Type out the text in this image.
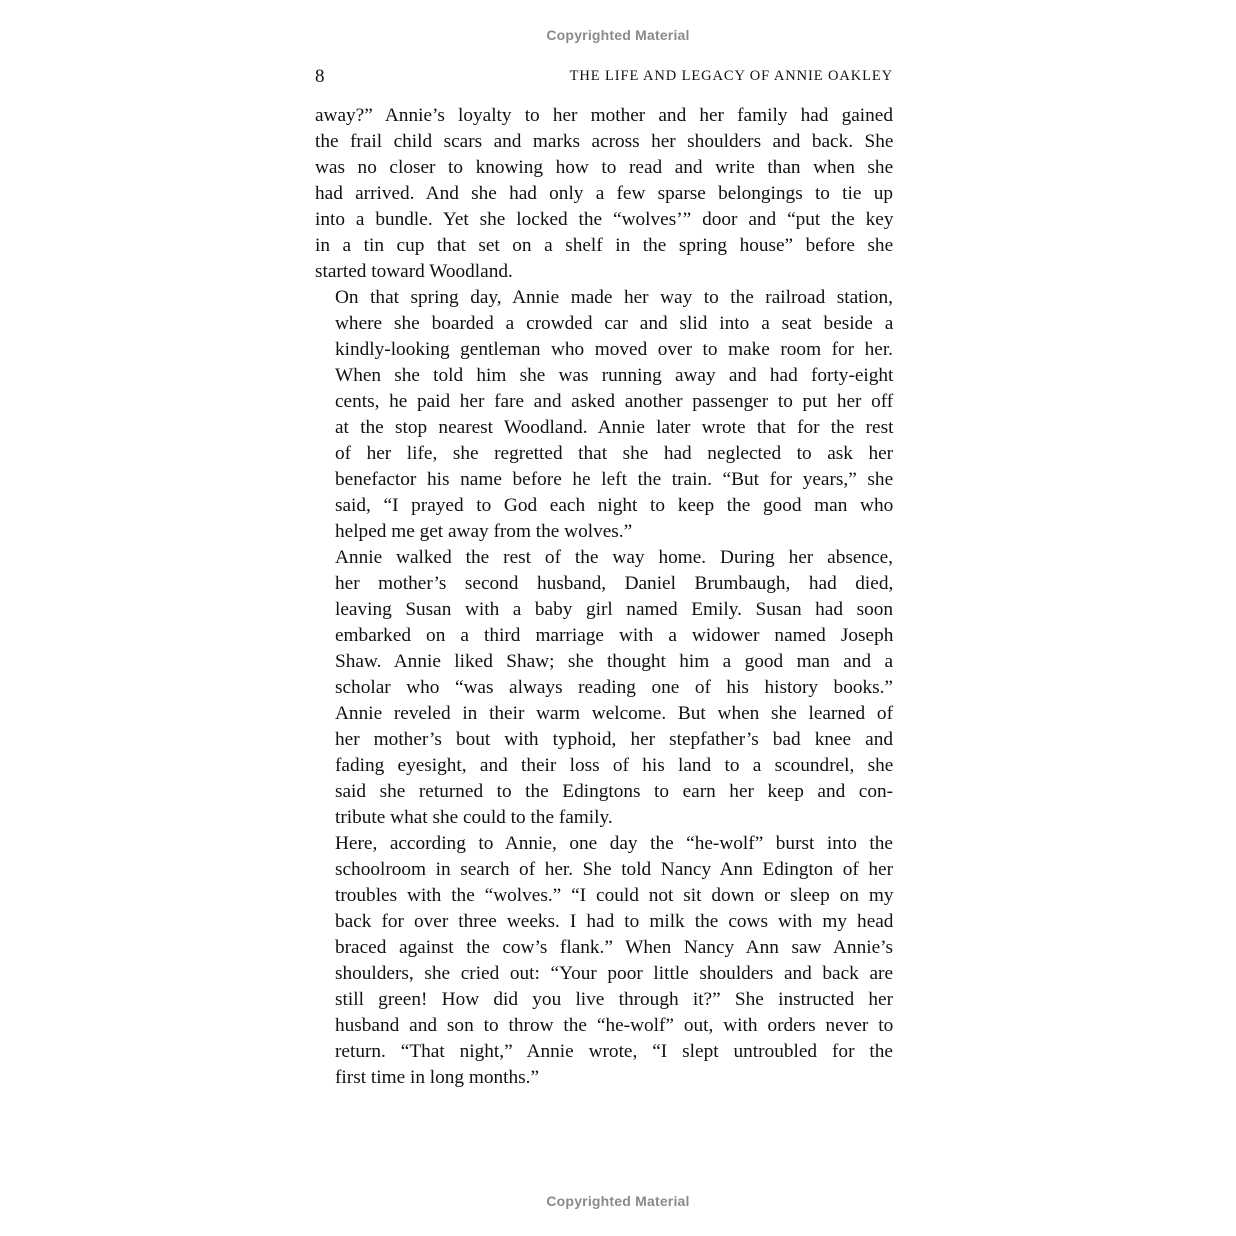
Copyrighted Material
8	THE LIFE AND LEGACY OF ANNIE OAKLEY

away?” Annie’s loyalty to her mother and her family had gained
the frail child scars and marks across her shoulders and back. She
was no closer to knowing how to read and write than when she
had arrived. And she had only a few sparse belongings to tie up
into a bundle. Yet she locked the “wolves’” door and “put the key
in a tin cup that set on a shelf in the spring house” before she
started toward Woodland.

On that spring day, Annie made her way to the railroad station,
where she boarded a crowded car and slid into a seat beside a
kindly-looking gentleman who moved over to make room for her.
When she told him she was running away and had forty-eight
cents, he paid her fare and asked another passenger to put her off
at the stop nearest Woodland. Annie later wrote that for the rest
of her life, she regretted that she had neglected to ask her
benefactor his name before he left the train. “But for years,” she
said, “I prayed to God each night to keep the good man who
helped me get away from the wolves.”

Annie walked the rest of the way home. During her absence,
her mother’s second husband, Daniel Brumbaugh, had died,
leaving Susan with a baby girl named Emily. Susan had soon
embarked on a third marriage with a widower named Joseph
Shaw. Annie liked Shaw; she thought him a good man and a
scholar who “was always reading one of his history books.”
Annie reveled in their warm welcome. But when she learned of
her mother’s bout with typhoid, her stepfather’s bad knee and
fading eyesight, and their loss of his land to a scoundrel, she
said she returned to the Edingtons to earn her keep and con-
tribute what she could to the family.

Here, according to Annie, one day the “he-wolf” burst into the
schoolroom in search of her. She told Nancy Ann Edington of her
troubles with the “wolves.” “I could not sit down or sleep on my
back for over three weeks. I had to milk the cows with my head
braced against the cow’s flank.” When Nancy Ann saw Annie’s
shoulders, she cried out: “Your poor little shoulders and back are
still green! How did you live through it?” She instructed her
husband and son to throw the “he-wolf” out, with orders never to
return. “That night,” Annie wrote, “I slept untroubled for the
first time in long months.”

Copyrighted Material
